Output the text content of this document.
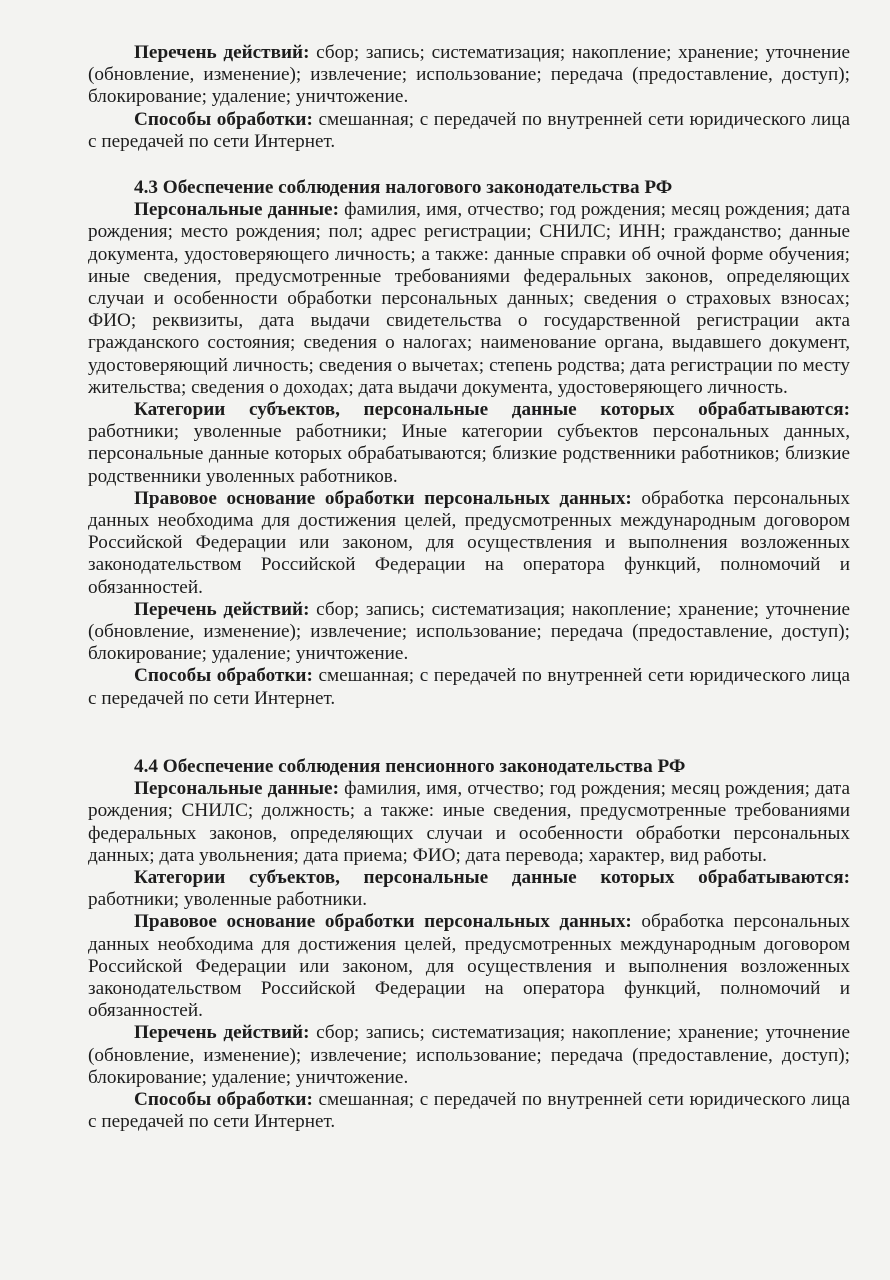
Перечень действий: сбор; запись; систематизация; накопление; хранение; уточнение (обновление, изменение); извлечение; использование; передача (предоставление, доступ); блокирование; удаление; уничтожение.

Способы обработки: смешанная; с передачей по внутренней сети юридического лица с передачей по сети Интернет.

4.3 Обеспечение соблюдения налогового законодательства РФ

Персональные данные: фамилия, имя, отчество; год рождения; месяц рождения; дата рождения; место рождения; пол; адрес регистрации; СНИЛС; ИНН; гражданство; данные документа, удостоверяющего личность; а также: данные справки об очной форме обучения; иные сведения, предусмотренные требованиями федеральных законов, определяющих случаи и особенности обработки персональных данных; сведения о страховых взносах; ФИО; реквизиты, дата выдачи свидетельства о государственной регистрации акта гражданского состояния; сведения о налогах; наименование органа, выдавшего документ, удостоверяющий личность; сведения о вычетах; степень родства; дата регистрации по месту жительства; сведения о доходах; дата выдачи документа, удостоверяющего личность.

Категории субъектов, персональные данные которых обрабатываются: работники; уволенные работники; Иные категории субъектов персональных данных, персональные данные которых обрабатываются; близкие родственники работников; близкие родственники уволенных работников.

Правовое основание обработки персональных данных: обработка персональных данных необходима для достижения целей, предусмотренных международным договором Российской Федерации или законом, для осуществления и выполнения возложенных законодательством Российской Федерации на оператора функций, полномочий и обязанностей.

Перечень действий: сбор; запись; систематизация; накопление; хранение; уточнение (обновление, изменение); извлечение; использование; передача (предоставление, доступ); блокирование; удаление; уничтожение.

Способы обработки: смешанная; с передачей по внутренней сети юридического лица с передачей по сети Интернет.

4.4 Обеспечение соблюдения пенсионного законодательства РФ

Персональные данные: фамилия, имя, отчество; год рождения; месяц рождения; дата рождения; СНИЛС; должность; а также: иные сведения, предусмотренные требованиями федеральных законов, определяющих случаи и особенности обработки персональных данных; дата увольнения; дата приема; ФИО; дата перевода; характер, вид работы.

Категории субъектов, персональные данные которых обрабатываются: работники; уволенные работники.

Правовое основание обработки персональных данных: обработка персональных данных необходима для достижения целей, предусмотренных международным договором Российской Федерации или законом, для осуществления и выполнения возложенных законодательством Российской Федерации на оператора функций, полномочий и обязанностей.

Перечень действий: сбор; запись; систематизация; накопление; хранение; уточнение (обновление, изменение); извлечение; использование; передача (предоставление, доступ); блокирование; удаление; уничтожение.

Способы обработки: смешанная; с передачей по внутренней сети юридического лица с передачей по сети Интернет.
